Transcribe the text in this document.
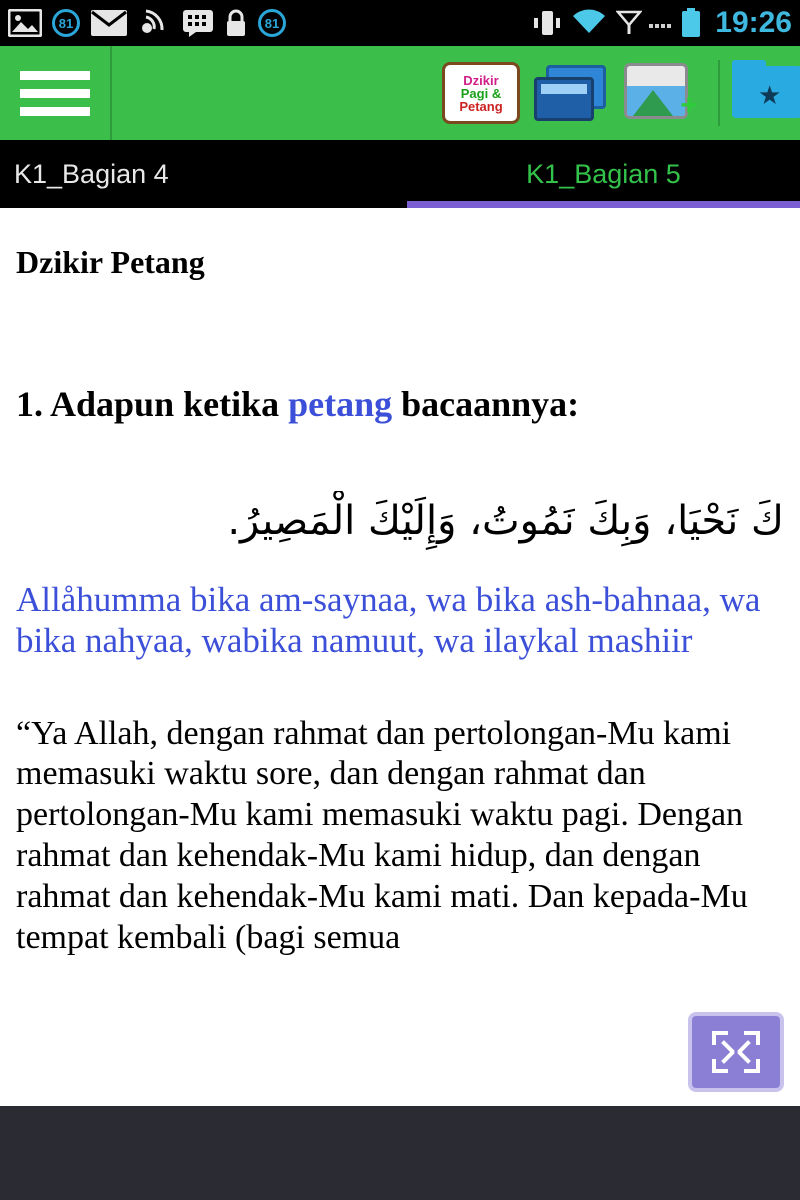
81	81	19:26
Dzikir
Pagi &
Petang +	★
K1_Bagian 4	K1_Bagian 5
Dzikir Petang
1. Adapun ketika petang bacaannya:
كَ نَحْيَا، وَبِكَ نَمُوتُ، وَإِلَيْكَ الْمَصِيرُ.
Allåhumma bika am-saynaa, wa bika ash-bahnaa, wa bika nahyaa, wabika namuut, wa ilaykal mashiir
“Ya Allah, dengan rahmat dan pertolongan-Mu kami memasuki waktu sore, dan dengan rahmat dan pertolongan-Mu kami memasuki waktu pagi. Dengan rahmat dan kehendak-Mu kami hidup, dan dengan rahmat dan kehendak-Mu kami mati. Dan kepada-Mu tempat kembali (bagi semua
